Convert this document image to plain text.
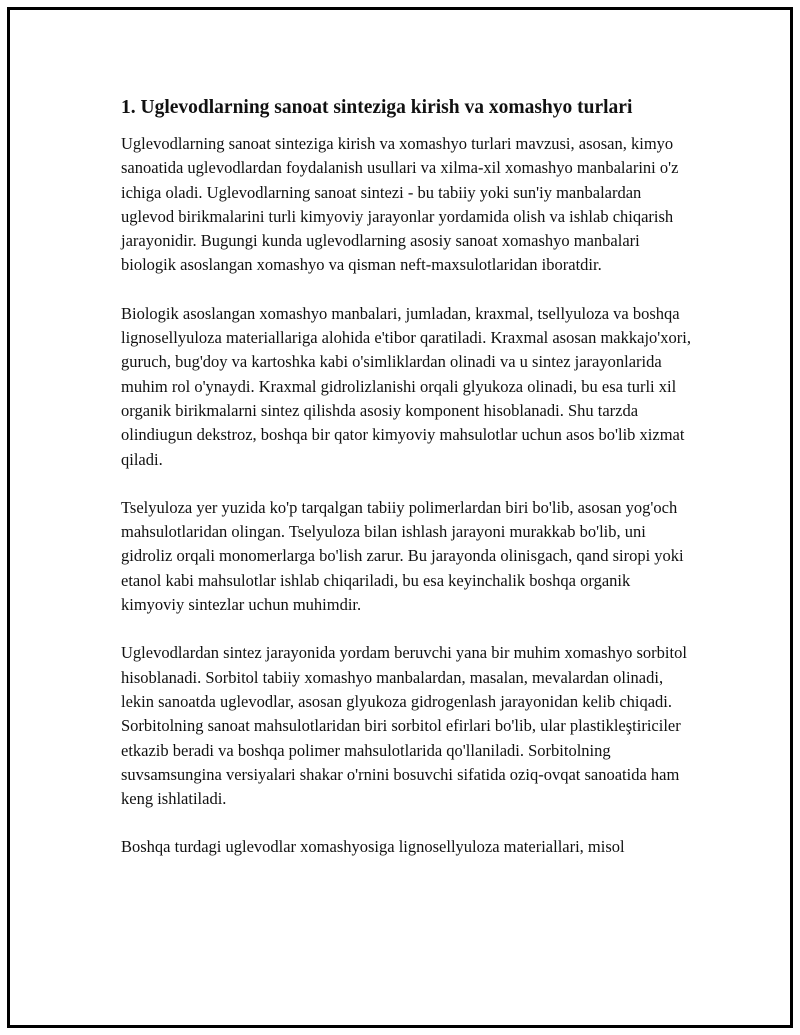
1. Uglevodlarning sanoat sinteziga kirish va xomashyo turlari

Uglevodlarning sanoat sinteziga kirish va xomashyo turlari mavzusi, asosan, kimyo sanoatida uglevodlardan foydalanish usullari va xilma-xil xomashyo manbalarini o'z ichiga oladi. Uglevodlarning sanoat sintezi - bu tabiiy yoki sun'iy manbalardan uglevod birikmalarini turli kimyoviy jarayonlar yordamida olish va ishlab chiqarish jarayonidir. Bugungi kunda uglevodlarning asosiy sanoat xomashyo manbalari biologik asoslangan xomashyo va qisman neft-maxsulotlaridan iboratdir.

Biologik asoslangan xomashyo manbalari, jumladan, kraxmal, tsellyuloza va boshqa lignosellyuloza materiallariga alohida e'tibor qaratiladi. Kraxmal asosan makkajo'xori, guruch, bug'doy va kartoshka kabi o'simliklardan olinadi va u sintez jarayonlarida muhim rol o'ynaydi. Kraxmal gidrolizlanishi orqali glyukoza olinadi, bu esa turli xil organik birikmalarni sintez qilishda asosiy komponent hisoblanadi. Shu tarzda olindiugun dekstroz, boshqa bir qator kimyoviy mahsulotlar uchun asos bo'lib xizmat qiladi.

Tselyuloza yer yuzida ko'p tarqalgan tabiiy polimerlardan biri bo'lib, asosan yog'och mahsulotlaridan olingan. Tselyuloza bilan ishlash jarayoni murakkab bo'lib, uni gidroliz orqali monomerlarga bo'lish zarur. Bu jarayonda olinisgach, qand siropi yoki etanol kabi mahsulotlar ishlab chiqariladi, bu esa keyinchalik boshqa organik kimyoviy sintezlar uchun muhimdir.

Uglevodlardan sintez jarayonida yordam beruvchi yana bir muhim xomashyo sorbitol hisoblanadi. Sorbitol tabiiy xomashyo manbalardan, masalan, mevalardan olinadi, lekin sanoatda uglevodlar, asosan glyukoza gidrogenlash jarayonidan kelib chiqadi. Sorbitolning sanoat mahsulotlaridan biri sorbitol efirlari bo'lib, ular plastikleştiriciler etkazib beradi va boshqa polimer mahsulotlarida qo'llaniladi. Sorbitolning suvsamsungina versiyalari shakar o'rnini bosuvchi sifatida oziq-ovqat sanoatida ham keng ishlatiladi.

Boshqa turdagi uglevodlar xomashyosiga lignosellyuloza materiallari, misol
